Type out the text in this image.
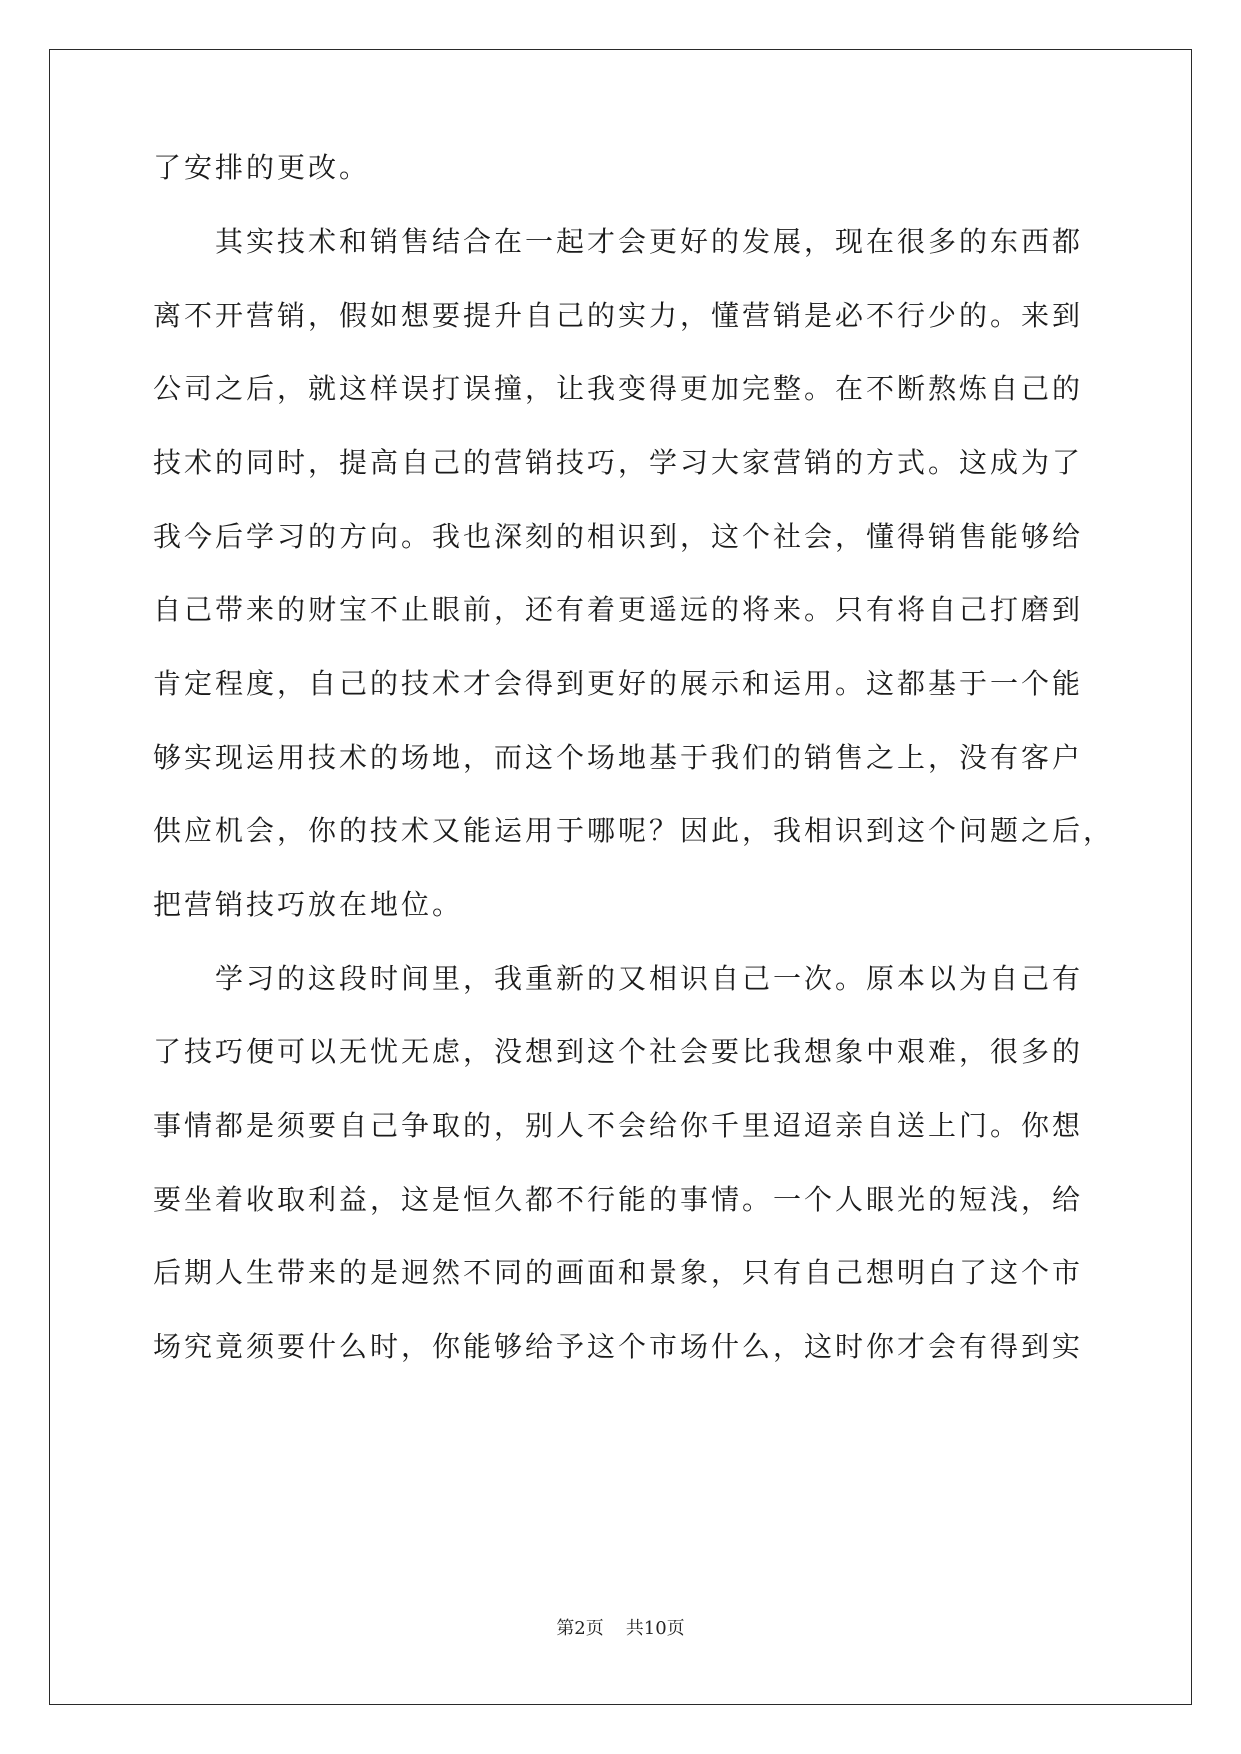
了安排的更改。
其实技术和销售结合在一起才会更好的发展，现在很多的东西都
离不开营销，假如想要提升自己的实力，懂营销是必不行少的。来到
公司之后，就这样误打误撞，让我变得更加完整。在不断熬炼自己的
技术的同时，提高自己的营销技巧，学习大家营销的方式。这成为了
我今后学习的方向。我也深刻的相识到，这个社会，懂得销售能够给
自己带来的财宝不止眼前，还有着更遥远的将来。只有将自己打磨到
肯定程度，自己的技术才会得到更好的展示和运用。这都基于一个能
够实现运用技术的场地，而这个场地基于我们的销售之上，没有客户
供应机会，你的技术又能运用于哪呢？因此，我相识到这个问题之后，
把营销技巧放在地位。
学习的这段时间里，我重新的又相识自己一次。原本以为自己有
了技巧便可以无忧无虑，没想到这个社会要比我想象中艰难，很多的
事情都是须要自己争取的，别人不会给你千里迢迢亲自送上门。你想
要坐着收取利益，这是恒久都不行能的事情。一个人眼光的短浅，给
后期人生带来的是迥然不同的画面和景象，只有自己想明白了这个市
场究竟须要什么时，你能够给予这个市场什么，这时你才会有得到实
第2页 共10页
